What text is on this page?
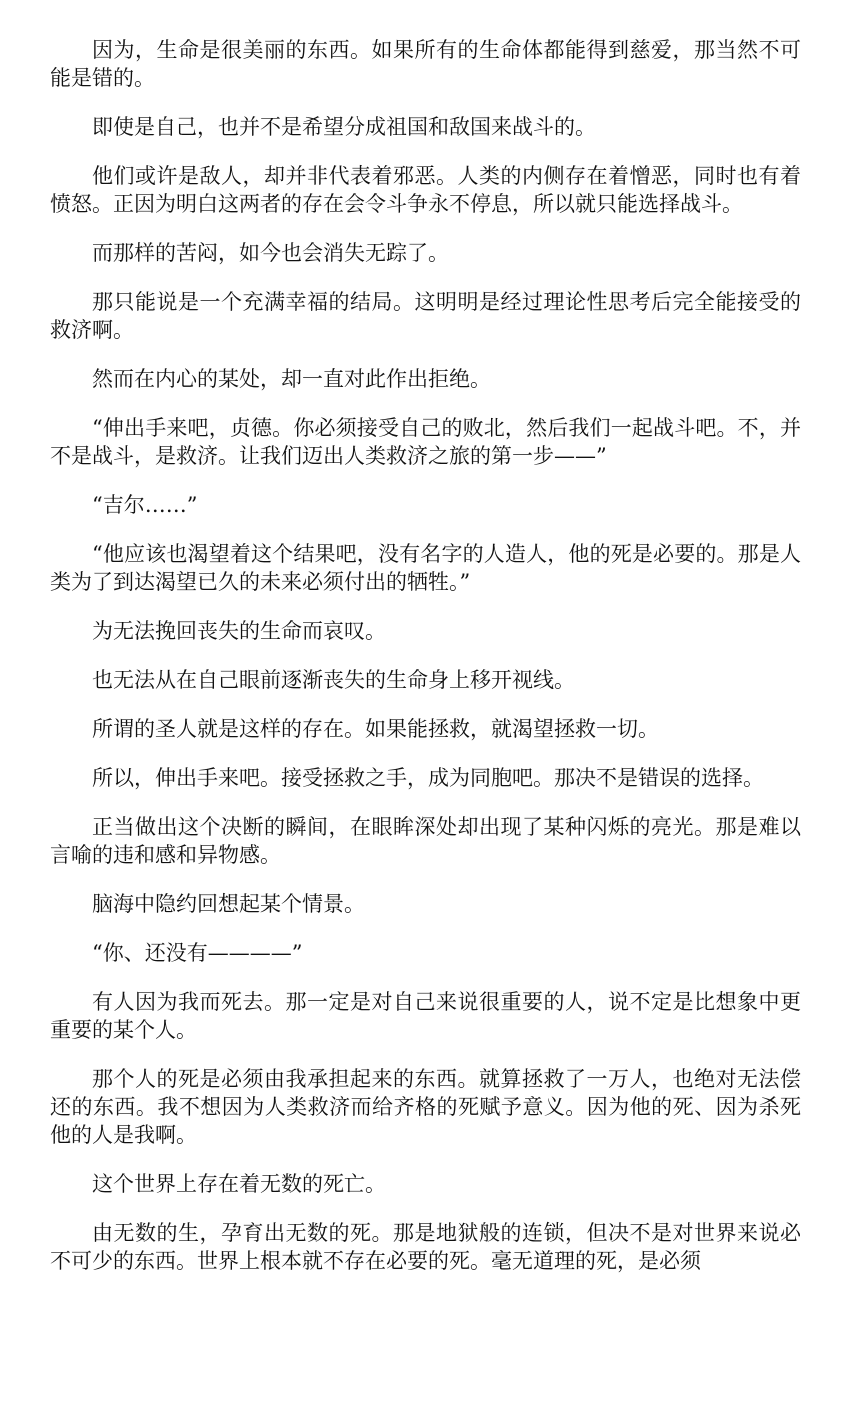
因为，生命是很美丽的东西。如果所有的生命体都能得到慈爱，那当然不可能是错的。

即使是自己，也并不是希望分成祖国和敌国来战斗的。

他们或许是敌人，却并非代表着邪恶。人类的内侧存在着憎恶，同时也有着愤怒。正因为明白这两者的存在会令斗争永不停息，所以就只能选择战斗。

而那样的苦闷，如今也会消失无踪了。

那只能说是一个充满幸福的结局。这明明是经过理论性思考后完全能接受的救济啊。

然而在内心的某处，却一直对此作出拒绝。

“伸出手来吧，贞德。你必须接受自己的败北，然后我们一起战斗吧。不，并不是战斗，是救济。让我们迈出人类救济之旅的第一步——”

“吉尔……”

“他应该也渴望着这个结果吧，没有名字的人造人，他的死是必要的。那是人类为了到达渴望已久的未来必须付出的牺牲。”

为无法挽回丧失的生命而哀叹。

也无法从在自己眼前逐渐丧失的生命身上移开视线。

所谓的圣人就是这样的存在。如果能拯救，就渴望拯救一切。

所以，伸出手来吧。接受拯救之手，成为同胞吧。那决不是错误的选择。

正当做出这个决断的瞬间，在眼眸深处却出现了某种闪烁的亮光。那是难以言喻的违和感和异物感。

脑海中隐约回想起某个情景。

“你、还没有————”

有人因为我而死去。那一定是对自己来说很重要的人，说不定是比想象中更重要的某个人。

那个人的死是必须由我承担起来的东西。就算拯救了一万人，也绝对无法偿还的东西。我不想因为人类救济而给齐格的死赋予意义。因为他的死、因为杀死他的人是我啊。

这个世界上存在着无数的死亡。

由无数的生，孕育出无数的死。那是地狱般的连锁，但决不是对世界来说必不可少的东西。世界上根本就不存在必要的死。毫无道理的死，是必须
